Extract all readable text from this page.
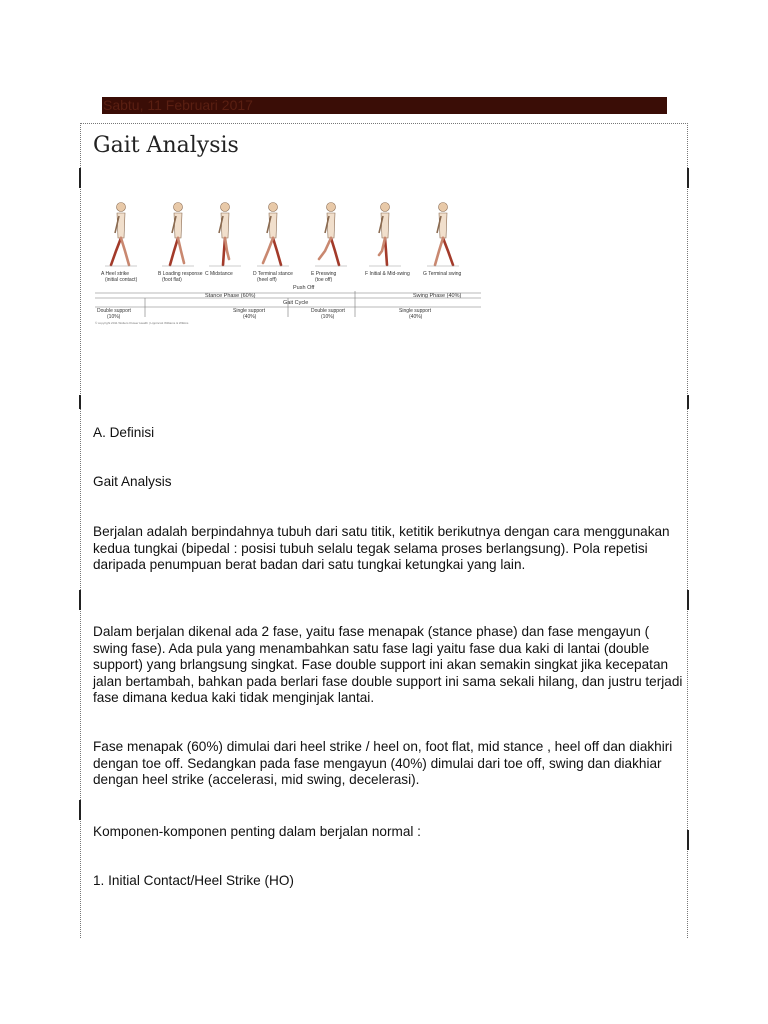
Sabtu, 11 Februari 2017
Gait Analysis
A Heel strike
(initial contact)
B Loading response
(foot flat)
C Midstance	D Terminal stance
(heel off)
E Preswing
(toe off)
F Initial & Mid-swing	G Terminal swing
Push Off
Stance Phase (60%)	Swing Phase (40%)
Gait Cycle
Double support
(10%)
Single support
(40%)
Double support
(10%)
Single support
(40%)
© copyright 2011 Wolters Kluwer Health | Lippincott Williams & Wilkins

A. Definisi

Gait Analysis

Berjalan adalah berpindahnya tubuh dari satu titik, ketitik berikutnya dengan cara menggunakan kedua tungkai (bipedal : posisi tubuh selalu tegak selama proses berlangsung). Pola repetisi daripada penumpuan berat badan dari satu tungkai ketungkai yang lain.

Dalam berjalan dikenal ada 2 fase, yaitu fase menapak (stance phase) dan fase mengayun ( swing fase). Ada pula yang menambahkan satu fase lagi yaitu fase dua kaki di lantai (double support) yang brlangsung singkat. Fase double support ini akan semakin singkat jika kecepatan jalan bertambah, bahkan pada berlari fase double support ini sama sekali hilang, dan justru terjadi fase dimana kedua kaki tidak menginjak lantai.

Fase menapak (60%) dimulai dari heel strike / heel on, foot flat, mid stance , heel off dan diakhiri dengan toe off. Sedangkan pada fase mengayun (40%) dimulai dari toe off, swing dan diakhiar dengan heel strike (accelerasi, mid swing, decelerasi).

Komponen-komponen penting dalam berjalan normal :

1. Initial Contact/Heel Strike (HO)
